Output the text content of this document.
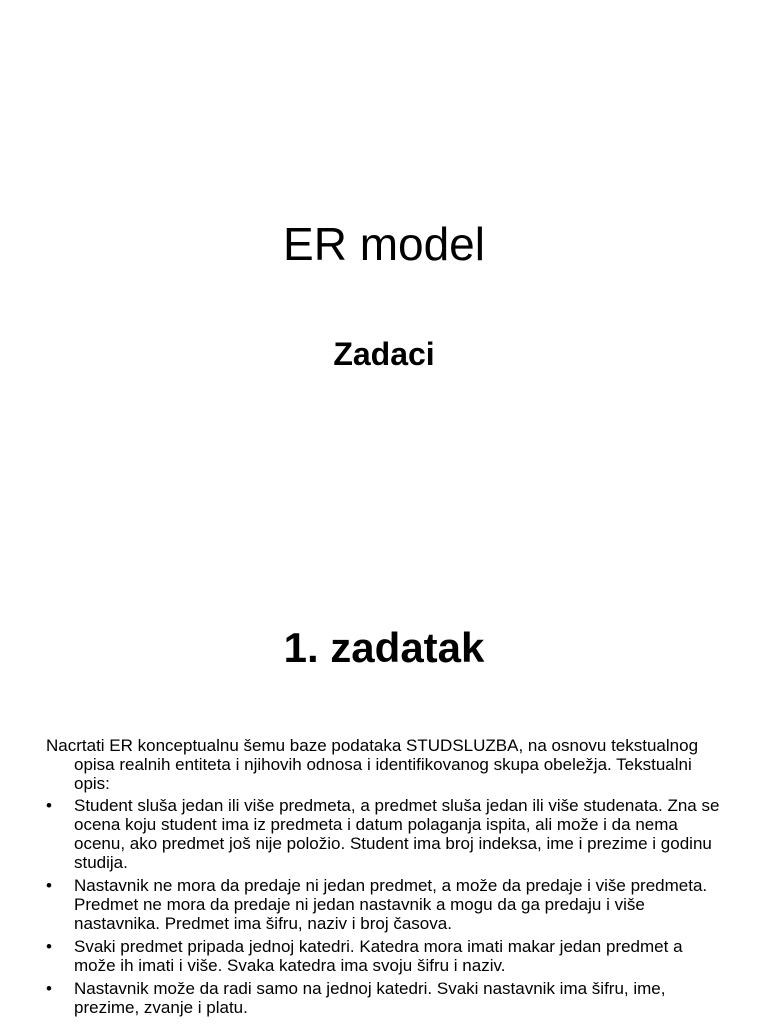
ER model
Zadaci
1. zadatak

Nacrtati ER konceptualnu šemu baze podataka STUDSLUZBA, na osnovu tekstualnog opisa realnih entiteta i njihovih odnosa i identifikovanog skupa obeležja. Tekstualni opis:

• Student sluša jedan ili više predmeta, a predmet sluša jedan ili više studenata. Zna se ocena koju student ima iz predmeta i datum polaganja ispita, ali može i da nema ocenu, ako predmet još nije položio. Student ima broj indeksa, ime i prezime i godinu studija.
• Nastavnik ne mora da predaje ni jedan predmet, a može da predaje i više predmeta. Predmet ne mora da predaje ni jedan nastavnik a mogu da ga predaju i više nastavnika. Predmet ima šifru, naziv i broj časova.
• Svaki predmet pripada jednoj katedri. Katedra mora imati makar jedan predmet a može ih imati i više. Svaka katedra ima svoju šifru i naziv.
• Nastavnik može da radi samo na jednoj katedri. Svaki nastavnik ima šifru, ime, prezime, zvanje i platu.
